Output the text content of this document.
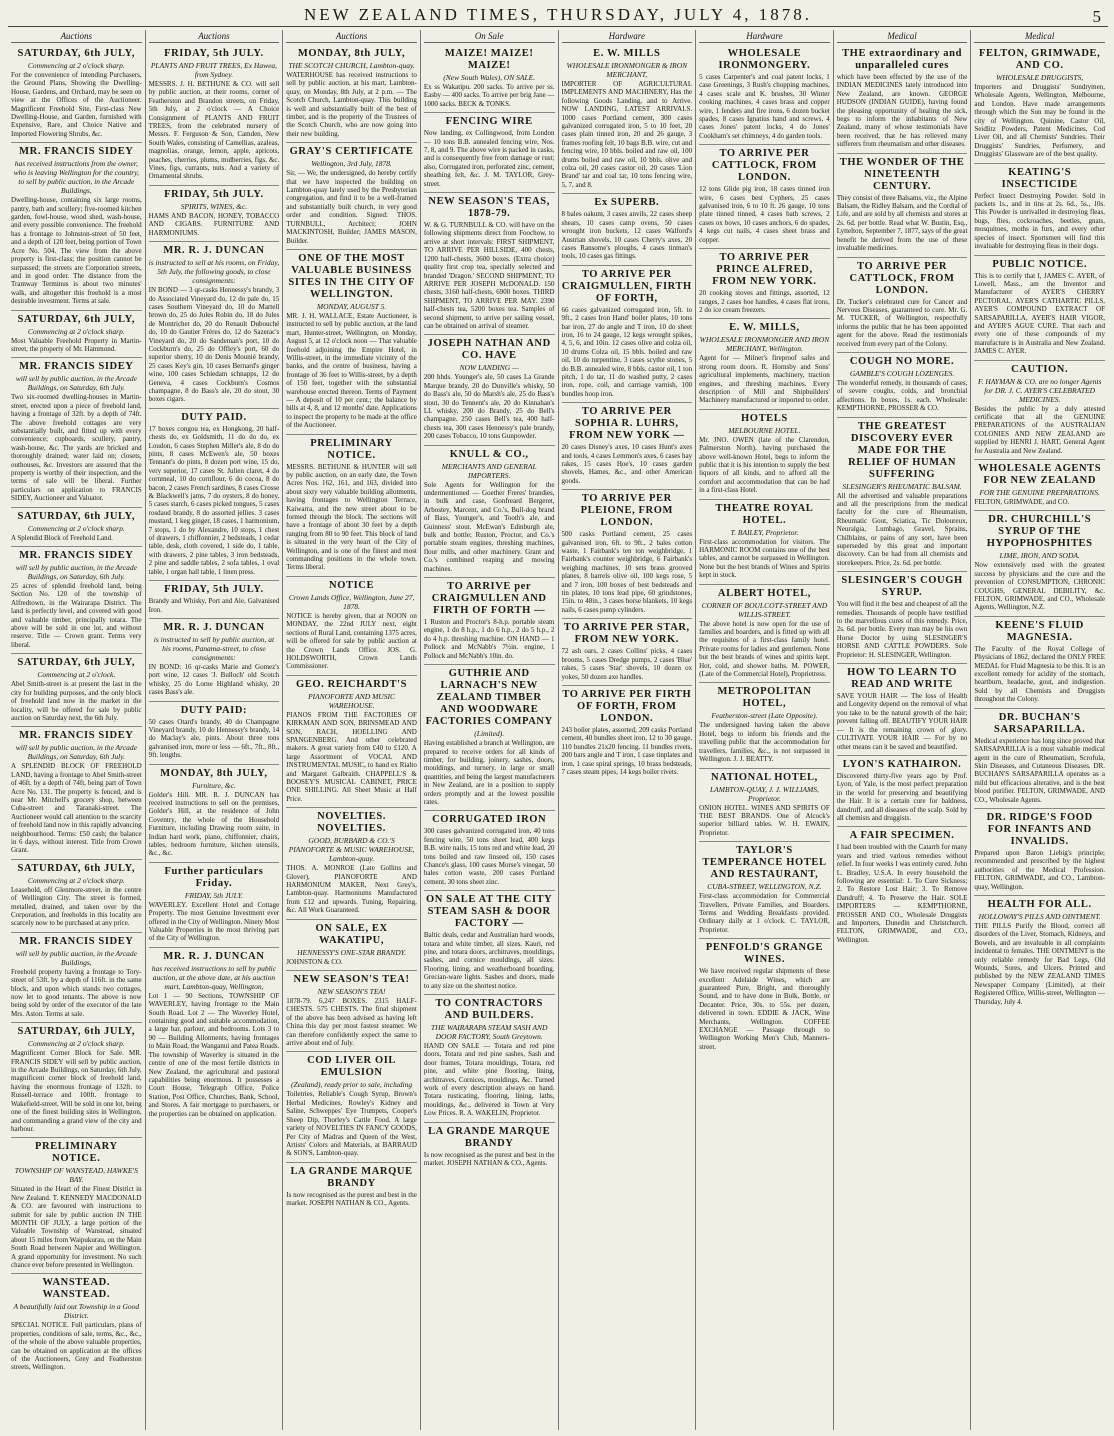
NEW ZEALAND TIMES, THURSDAY, JULY 4, 1878.	5
Auctions
SATURDAY, 6th JULY,
Commencing at 2 o'clock sharp.
For the convenience of intending Purchasers, the Ground Plans, Showing the Dwelling-House, Gardens, and Orchard, may be seen on view at the Offices of the Auctioneer. Magnificent Freehold Site, First-class New Dwelling-House, and Garden, furnished with Expensive, Rare, and Choice Native and Imported Flowering Shrubs, &c.
MR. FRANCIS SIDEY
has received instructions from the owner, who is leaving Wellington for the country, to sell by public auction, in the Arcade Buildings,
Dwelling-house, containing six large rooms, pantry, bath and scullery; five-roomed kitchen garden, fowl-house, wood shed, wash-house, and every possible convenience. The freehold has a frontage to Johnston-street of 50 feet, and a depth of 120 feet, being portion of Town Acre No. 504. The view from the above property is first-class; the position cannot be surpassed; the streets are Corporation streets, and in good order. The distance from the Tramway Terminus is about two minutes' walk, and altogether this freehold is a most desirable investment. Terms at sale.
SATURDAY, 6th JULY,
Commencing at 2 o'clock sharp.
Most Valuable Freehold Property in Martin-street, the property of Mr. Hammond.
MR. FRANCIS SIDEY
will sell by public auction, in the Arcade Buildings, on Saturday, 6th July.
Two six-roomed dwelling-houses in Martin-street, erected upon a piece of freehold land, having a frontage of 32ft. by a depth of 74ft. The above freehold cottages are very substantially built, and fitted up with every convenience; cupboards, scullery, pantry, wash-house, &c. The yards are bricked and thoroughly drained; water laid on; closets, outhouses, &c. Investors are assured that the property is worthy of their inspection, and the terms of sale will be liberal. Further particulars on application to FRANCIS SIDEY, Auctioneer and Valuator.
SATURDAY, 6th JULY,
Commencing at 2 o'clock sharp.
A Splendid Block of Freehold Land.
MR. FRANCIS SIDEY
will sell by public auction, in the Arcade Buildings, on Saturday, 6th July.
25 acres of splendid freehold land, being Section No. 120 of the township of Alfredtown, in the Wairarapa District. The land is perfectly level, and covered with good and valuable timber, principally totara. The above will be sold in one lot, and without reserve. Title — Crown grant. Terms very liberal.
SATURDAY, 6th JULY,
Commencing at 2 o'clock.
Abel Smith-street is at present the last in the city for building purposes, and the only block of freehold land now in the market in the locality, will be offered for sale by public auction on Saturday next, the 6th July.
MR. FRANCIS SIDEY
will sell by public auction, in the Arcade Buildings, on Saturday, 6th July.
A SPLENDID BLOCK OF FREEHOLD LAND, having a frontage to Abel Smith-street of 46ft. by a depth of 74ft, being part of Town Acre No. 131. The property is fenced, and is near Mr. Mitchell's grocery shop, between Cuba-street and Taranaki-street. The Auctioneer would call attention to the scarcity of freehold land now in this rapidly advancing neighbourhood. Terms: £50 cash; the balance in 6 days, without interest. Title from Crown Grant.
SATURDAY, 6th JULY,
Commencing at 2 o'clock sharp.
Leasehold, off Glenmore-street, in the centre of Wellington City. The street is formed, metalled, drained, and taken over by the Corporation, and freeholds in this locality are scarcely now to be purchased at any price.
MR. FRANCIS SIDEY
will sell by public auction, in the Arcade Buildings,
Freehold property having a frontage to Tory-street of 53ft. by a depth of 116ft. in the same block, and upon which stands two cottages, now let to good tenants. The above is now being sold by order of the executor of the late Mrs. Aston. Terms at sale.
SATURDAY, 6th JULY,
Commencing at 2 o'clock sharp.
Magnificent Corner Block for Sale. MR. FRANCIS SIDEY will sell by public auction, in the Arcade Buildings, on Saturday, 6th July, magnificent corner block of freehold land, having the enormous frontage of 132ft. to Russell-terrace and 100ft. frontage to Wakefield-street. Will be sold in one lot, being one of the finest building sites in Wellington, and commanding a grand view of the city and harbour.
PRELIMINARY NOTICE.
TOWNSHIP OF WANSTEAD, HAWKE'S BAY.
Situated in the Heart of the Finest District in New Zealand. T. KENNEDY MACDONALD & CO. are favoured with instructions to submit for sale by public auction IN THE MONTH OF JULY, a large portion of the Valuable Township of Wanstead, situated about 15 miles from Waipukurau, on the Main South Road between Napier and Wellington. A grand opportunity for investment. No such chance ever before presented in Wellington.
WANSTEAD. WANSTEAD.
A beautifully laid out Township in a Good District.
SPECIAL NOTICE. Full particulars, plans of properties, conditions of sale, terms, &c., &c., of the whole of the above valuable properties, can be obtained on application at the offices of the Auctioneers, Grey and Featherston streets, Wellington.
Auctions
FRIDAY, 5th JULY.
PLANTS AND FRUIT TREES, Ex Hawea, from Sydney.
MESSRS. J. H. BETHUNE & CO. will sell by public auction, at their rooms, corner of Featherston and Brandon streets, on Friday, 5th July, at 2 o'clock — A Choice Consignment of PLANTS AND FRUIT TREES, from the celebrated nursery of Messrs. F. Ferguson & Son, Camden, New South Wales, consisting of Camellias, azaleas, magnolias, orange, lemon, apple, apricots, peaches, cherries, plums, mulberries, figs, &c. Vines, figs, currants, nuts. And a variety of Ornamental shrubs.
FRIDAY, 5th JULY.
SPIRITS, WINES, &c.
HAMS AND BACON, HONEY, TOBACCO AND CIGARS. FURNITURE AND HARMONIUMS.
MR. R. J. DUNCAN
is instructed to sell at his rooms, on Friday, 5th July, the following goods, to close consignments:
IN BOND — 3 qr-casks Hennessy's brandy, 3 do Associated Vineyard do, 12 do pale do, 15 cases Southern Vineyard do, 10 do Martell brown do, 25 do Jules Robin do, 18 do Jules de Montrichet do, 20 do Renault Dubouché do, 10 do Gautier Frères do, 12 do Sazerac's Vineyard do, 20 do Sandeman's port, 10 do Cockburn's do, 25 do Offley's port, 60 do superior sherry, 10 do Denis Mounié brandy, 25 cases Key's gin, 10 cases Bernard's ginger wine, 100 cases Schiedam schnapps, 12 do Geneva, 4 cases Cockburn's Cosmos champagne, 8 do Bass's ale, 20 do stout, 30 boxes cigars.
DUTY PAID.
17 boxes congou tea, ex Hongkong, 20 half-chests do, ex Goldsmith, 11 do do do, ex Loudon, 6 cases Stephen Miller's ale, 8 do do pints, 8 cases McEwen's ale, 50 boxes Tennant's do pints, 8 dozen port wine, 15 do, very superior, 17 cases St. Julien claret, 4 do cornmeal, 10 do cornflour, 6 do cocoa, 8 do bacon, 2 cases French sardines, 8 cases Crosse & Blackwell's jams, 7 do oysters, 8 do honey, 5 cases starch, 6 cases picked tongues, 5 cases rosdaud brandy, 8 do assorted jellies. 3 cases mustard, 1 keg ginger, 18 cases, 1 harmonium, 7 stops, 1 do by Alexandre, 10 stops, 1 chest of drawers, 1 chiffonnier, 2 bedsteads, 1 cedar table, desk, cloth covered, 1 side do, 1 table, with drawers, 2 pine tables, 3 iron bedsteads, 2 pine and saddle tables, 2 sofa tables, 1 oval table, 1 organ hall table, 1 linen press.
FRIDAY, 5th JULY.
Brandy and Whisky, Port and Ale, Galvanised Iron.
MR. R. J. DUNCAN
is instructed to sell by public auction, at his rooms, Panama-street, to close consignments:
IN BOND: 16 qr-casks Marie and Gomez's port wine, 12 cases 'J. Bulloch' old Scotch whisky, 25 do Lorne Highland whisky, 20 cases Bass's ale.
DUTY PAID:
50 cases Otard's brandy, 40 do Champagne Vineyard brandy, 10 do Hennessy's brandy, 14 do Maclay's ale, pints. About three tons galvanised iron, more or less — 6ft., 7ft., 8ft., 9ft. lengths.
MONDAY, 8th JULY,
Furniture, &c.
Golder's Hill. MR. R. J. DUNCAN has received instructions to sell on the premises, Golder's Hill, at the residence of John Coventry, the whole of the Household Furniture, including Drawing room suite, in Indian hard work, piano, chiffonnier, chairs, tables, bedroom furniture, kitchen utensils, &c., &c.
Further particulars Friday.
FRIDAY, 5th JULY.
WAVERLEY. Excellent Hotel and Cottage Property. The most Genuine Investment ever offered in the City of Wellington. Ninety Most Valuable Properties in the most thriving part of the City of Wellington.
MR. R. J. DUNCAN
has received instructions to sell by public auction, at the above date, at his auction mart, Lambton-quay, Wellington,
Lot 1 — 90 Sections, TOWNSHIP OF WAVERLEY, having frontage to the Main South Road. Lot 2 — The Waverley Hotel, containing good and suitable accommodation, a large bar, parlour, and bedrooms. Lots 3 to 90 — Building Allotments, having frontages to Main Road, the Wanganui and Patea Roads. The township of Waverley is situated in the centre of one of the most fertile districts in New Zealand, the agricultural and pastoral capabilities being enormous. It possesses a Court House, Telegraph Office, Police Station, Post Office, Churches, Bank, School, and Stores. A fair mortgage to purchasers, or the properties can be obtained on application.
Auctions
MONDAY, 8th JULY,
THE SCOTCH CHURCH, Lambton-quay.
WATERHOUSE has received instructions to sell by public auction, at his mart, Lambton-quay, on Monday, 8th July, at 2 p.m. — The Scotch Church, Lambton-quay. This building is well and substantially built of the best of timber, and is the property of the Trustees of the Scotch Church, who are now going into their new building.
GRAY'S CERTIFICATE
Wellington, 3rd July, 1878.
Sir, — We, the undersigned, do hereby certify that we have inspected the building on Lambton-quay lately used by the Presbyterian congregation, and find it to be a well-framed and substantially built church, in very good order and condition. Signed: THOS. TURNBULL, Architect; JOHN MACKINTOSH, Builder; JAMES MASON, Builder.
ONE OF THE MOST VALUABLE BUSINESS SITES IN THE CITY OF WELLINGTON.
MONDAY, AUGUST 5.
MR. J. H. WALLACE, Estate Auctioneer, is instructed to sell by public auction, at the land mart, Hunter-street, Wellington, on Monday, August 5, at 12 o'clock noon — That valuable freehold adjoining the Empire Hotel, in Willis-street, in the immediate vicinity of the banks, and the centre of business, having a frontage of 36 feet to Willis-street, by a depth of 150 feet, together with the substantial warehouse erected thereon. Terms of Payment — A deposit of 10 per cent.; the balance by bills at 4, 8, and 12 months' date. Applications to inspect the property to be made at the office of the Auctioneer.
PRELIMINARY NOTICE.
MESSRS. BETHUNE & HUNTER will sell by public auction, on an early date, the Town Acres Nos. 162, 161, and 163, divided into about sixty very valuable building allotments, having frontages to Wellington Terrace, Kaiwarra, and the new street about to be formed through the block. The sections will have a frontage of about 30 feet by a depth ranging from 80 to 90 feet. This block of land is situated in the very heart of the City of Wellington, and is one of the finest and most commanding positions in the whole town. Terms liberal.
NOTICE
Crown Lands Office, Wellington, June 27, 1878.
NOTICE is hereby given, that at NOON on MONDAY, the 22nd JULY next, eight sections of Rural Land, containing 1375 acres, will be offered for sale by public auction at the Crown Lands Office. JOS. G. HOLDSWORTH, Crown Lands Commissioner.
GEO. REICHARDT'S
PIANOFORTE AND MUSIC WAREHOUSE.
PIANOS FROM THE FACTORIES OF KIRKMAN AND SON, BRINSMEAD AND SON, RACH, HOELLING AND SPANGENBERG. And other celebrated makers. A great variety from £40 to £120. A large Assortment of VOCAL AND INSTRUMENTAL MUSIC, to hand ex Rialto and Margaret Galbraith. CHAPPELL'S & BOOSEY'S MUSICAL CABINET, PRICE ONE SHILLING. All Sheet Music at Half Price.
NOVELTIES. NOVELTIES.
GOOD, BURBARD & CO.'S PIANOFORTE & MUSIC WAREHOUSE, Lambton-quay.
THOS. A. MONROE (Late Gollins and Glover), PIANOFORTE AND HARMONIUM MAKER, Next Grey's, Lambton-quay. Harmoniums Manufactured from £12 and upwards. Tuning, Repairing, &c. All Work Guaranteed.
ON SALE, EX WAKATIPU,
HENNESSY'S ONE-STAR BRANDY.
JOHNSTON & CO.
NEW SEASON'S TEA!
NEW SEASON'S TEA!
1878-79. 6,247 BOXES. 2315 HALF-CHESTS. 575 CHESTS. The final shipment of the above has been advised as having left China this day per most fastest steamer. We can therefore confidently expect the same to arrive about end of July.
COD LIVER OIL EMULSION
(Zealand), ready prior to sale, including
Toiletries, Reliable's Cough Syrup, Brown's Herbal Medicines, Rowley's Kidney and Saline, Schweppes' Eye Trumpets, Cooper's Sheep Dip, Thorley's Cattle Food. A large variety of NOVELTIES IN FANCY GOODS, Per City of Madras and Queen of the West, Artists' Colors and Materials, at BARRAUD & SON'S, Lambton-quay.
LA GRANDE MARQUE BRANDY
Is now recognised as the purest and best in the market. JOSEPH NATHAN & CO., Agents.
On Sale
MAIZE! MAIZE! MAIZE!
(New South Wales), ON SALE.
Ex ss Wakatipu. 200 sacks. To arrive per ss. Easby — 400 sacks. To arrive per brig Jane — 1000 sacks. BECK & TONKS.
FENCING WIRE
Now landing, ex Collingwood, from London — 10 tons B.B. annealed fencing wire, Nos. 7, 8, and 9. The above wire is packed in casks, and is consequently free from damage or rust; also, Corrugated iron, perforated zinc, cement, sheathing felt, &c. J. M. TAYLOR, Grey-street.
NEW SEASON'S TEAS, 1878-79.
W. & G. TURNBULL & CO. will have on the following shipments direct from Foochow, to arrive at short intervals: FIRST SHIPMENT, TO ARRIVE PER HILLSIDE, 400 chests, 1200 half-chests, 3600 boxes. (Extra choice) quality first crop tea, specially selected and branded 'Dragon.' SECOND SHIPMENT, TO ARRIVE PER JOSEPH McDONALD. 150 chests, 3160 half-chests, 6900 boxes. THIRD SHIPMENT, TO ARRIVE PER MAY. 2390 half-chests tea, 5200 boxes tea. Samples of second shipment, to arrive per sailing vessel, can be obtained on arrival of steamer.
JOSEPH NATHAN AND CO. HAVE
NOW LANDING —
200 hhds. Younger's ale, 50 cases La Grande Marque brandy, 20 do Dunville's whisky, 50 do Bass's ale, 50 do Marsh's ale, 25 do Bass's stout, 30 do Tennent's ale, 20 do Kinnahan's LL whisky, 200 do Brandy, 25 do Bell's champagne. 250 cases Bell's tea, 400 half-chests tea, 300 cases Hennessy's pale brandy, 200 cases Tobacco, 10 tons Gunpowder.
KNULL & CO.,
MERCHANTS AND GENERAL IMPORTERS.
Sole Agents for Wellington for the undermentioned — Goether Freres' brandies, in bulk and case, Gonfreard Bergeret, Arbostey, Marcent, and Co.'s, Bull-dog brand of Bass, Younger's, and Tooth's ale, and Guinness' stout. McEwan's Edinburgh ale, bulk and bottle; Ruston, Proctor, and Co.'s portable steam engines, threshing machines, flour mills, and other machinery. Grant and Co.'s combined reaping and mowing machines.
TO ARRIVE per CRAIGMULLEN AND FIRTH OF FORTH —
1 Ruston and Proctor's 8-h.p. portable steam engine, 1 do 8 h.p., 1 do 6 h.p., 2 do 5 h.p., 2 do 4 h.p. threshing machine. ON HAND — 1 Pollock and McNabb's 7½in. engine, 1 Pollock and McNabb's 10in. do.
GUTHRIE AND LARNACH'S NEW ZEALAND TIMBER AND WOODWARE FACTORIES COMPANY
(Limited).
Having established a branch at Wellington, are prepared to receive orders for all kinds of timber, for building, joinery, sashes, doors, mouldings, and turnery, in large or small quantities, and being the largest manufacturers in New Zealand, are in a position to supply orders promptly and at the lowest possible rates.
CORRUGATED IRON
300 cases galvanized corrugated iron, 40 tons fencing wire, 50 tons sheet lead, 400 kegs B.B. wire nails, 15 tons red and white lead, 20 tons boiled and raw linseed oil, 150 cases Chance's glass, 100 cases Morse's vinegar, 50 bales cotton waste, 200 cases Portland cement, 30 tons sheet zinc.
ON SALE AT THE CITY STEAM SASH & DOOR FACTORY —
Baltic deals, cedar and Australian hard woods, totara and white timber, all sizes. Kauri, red pine, and totara doors, architraves, mouldings, sashes, and cornice mouldings, all sizes. Flooring, lining, and weatherboard boarding. Grecian-ware lights. Sashes and doors, made to any size on the shortest notice.
TO CONTRACTORS AND BUILDERS.
THE WAIRARAPA STEAM SASH AND DOOR FACTORY, South Greytown.
HAND ON SALE — Totara and red pine doors, Totara and red pine sashes, Sash and door frames, Totara mouldings, Totara, red pine, and white pine flooring, lining, architraves, Cornices, mouldings, &c. Turned work of every description always on hand. Totara rusticating, flooring, lining, laths, mouldings, &c., delivered in Town at Very Low Prices. R. A. WAKELIN, Proprietor.
LA GRANDE MARQUE BRANDY
Is now recognised as the purest and best in the market. JOSEPH NATHAN & CO., Agents.
Hardware
E. W. MILLS
WHOLESALE IRONMONGER & IRON MERCHANT,
IMPORTER OF AGRICULTURAL IMPLEMENTS AND MACHINERY, Has the following Goods Landing, and to Arrive. NOW LANDING, LATEST ARRIVALS. 1000 cases Portland cement, 300 cases galvanized corrugated iron, 5 to 10 feet, 20 cases plain tinned iron, 20 and 26 gauge, 3 frames roofing felt, 10 bags B.B. wire, cut and fencing wire, 10 bbls. boiled and raw oil, 100 drums boiled and raw oil, 10 bbls. olive and colza oil, 20 cases castor oil, 20 cases 'Lion Brand' tar and coal tar, 10 tons fencing wire, 5, 7, and 8.
Ex SUPERB.
8 bales oakum, 3 cases anvils, 22 cases sheep shears, 10 cases camp ovens, 50 cases wrought iron buckets, 12 cases Walford's Austrian shovels, 10 cases Cherry's axes, 20 cases Ransome's ploughs, 4 cases tinman's tools, 10 cases gas fittings.
TO ARRIVE PER CRAIGMULLEN, FIRTH OF FORTH,
66 cases galvanized corrugated iron, 5ft. to 9ft., 2 cases Iron Hand' boiler plates, 10 tons bar iron, 27 do angle and T iron, 10 do sheet iron, 16 to 24 gauge, 12 kegs wrought spikes, 4, 5, 6, and 10in. 12 cases olive and colza oil, 10 drums Colza oil, 15 bbls. boiled and raw oil, 10 do turpentine, 3 cases scythe stones, 5 do B.B. annealed wire, 8 bbls. castor oil, 1 ton pitch, 1 do tar, 11 do washed putty, 2 cases iron, rope, coil, and carriage varnish, 100 bundles hoop iron.
TO ARRIVE PER SOPHIA R. LUHRS, FROM NEW YORK —
20 cases Disney's axes, 10 cases Hunt's axes and tools, 4 cases Lemmon's axes, 6 cases hay rakes, 15 cases Hoe's, 10 cases garden shovels, Hames, &c., and other American goods.
TO ARRIVE PER PLEIONE, FROM LONDON.
500 casks Portland cement, 25 cases galvanised iron, 6ft. to 9ft., 2 bales cotton waste, 1 Fairbank's ten ton weighbridge, 1 Fairbank's counter weighbridge, 6 Fairbank's weighing machines, 10 sets brass grooved planes, 8 barrels olive oil, 100 kegs rose, 5 and 7 iron, 100 boxes of best bedsteads and tin plates, 10 tons lead pipe, 60 grindstones, 15in. to 48in., 3 cases horse blankets, 10 kegs nails, 6 cases pump cylinders.
TO ARRIVE PER STAR, FROM NEW YORK.
72 ash oars, 2 cases Collins' picks, 4 cases brooms, 5 cases Dredge pumps, 2 cases 'Blue' rakes, 5 cases 'Star' shovels, 10 dozen ox yokes, 50 dozen axe handles.
TO ARRIVE PER FIRTH OF FORTH, FROM LONDON.
243 boiler plates, assorted, 209 casks Portland cement, 40 bundles sheet iron, 12 to 30 gauge, 110 bundles 21x20 fencing, 11 bundles rivets, 200 bars angle and T iron, 1 case tinplates and iron, 1 case spiral springs, 10 brass bedsteads, 7 cases steam pipes, 14 kegs boiler rivets.
Hardware
WHOLESALE IRONMONGERY.
5 cases Carpenter's and coal patent locks, 1 case Greenings, 3 Rush's chopping machines, 4 cases scale and K. brushes, 30 Winter cooking machines, 4 cases brass and copper wire, 1 fenders and fire irons, 6 dozen bucket spades, 8 cases Ignatius hand and screws, 4 cases Jones' patent locks, 4 do Jones' Cookham's set chimneys, 4 do garden tools.
TO ARRIVE PER CATTLOCK, FROM LONDON.
12 tons Glide pig iron, 18 cases tinned iron wire, 6 cases best Cyphers, 25 cases galvanised iron, 6 to 10 ft. 26 gauge, 10 tons plate tinned tinned, 4 cases bath screws, 2 cases ox bows, 10 cases anchors, 6 do spades, 4 kegs cut nails, 4 cases sheet brass and copper.
TO ARRIVE PER PRINCE ALFRED, FROM NEW YORK.
20 cooking stoves and fittings, assorted, 12 ranges, 2 cases hoe handles, 4 cases flat irons, 2 do ice cream freezers.
E. W. MILLS,
WHOLESALE IRONMONGER AND IRON MERCHANT, Wellington.
Agent for — Milner's fireproof safes and strong room doors. R. Hornsby and Sons' agricultural implements, machinery, traction engines, and threshing machines. Every description of Mill and Shipbuilders' Machinery manufactured or imported to order.
HOTELS
MELBOURNE HOTEL.
Mr. JNO. OWEN (late of the Clarendon, Palmerston North), having purchased the above well-known Hotel, begs to inform the public that it is his intention to supply the best liquors of all kinds, and to afford all the comfort and accommodation that can be had in a first-class Hotel.
THEATRE ROYAL HOTEL.
T. BAILEY, Proprietor.
First-class accommodation for visitors. The HARMONIC ROOM contains one of the best tables, and cannot be surpassed in Wellington. None but the best brands of Wines and Spirits kept in stock.
ALBERT HOTEL,
CORNER OF BOULCOTT-STREET AND WILLIS-STREET.
The above hotel is now open for the use of families and boarders, and is fitted up with all the requisites of a first-class family hotel. Private rooms for ladies and gentlemen. None but the best brands of wines and spirits kept. Hot, cold, and shower baths. M. POWER, (Late of the Commercial Hotel), Proprietress.
METROPOLITAN HOTEL,
Featherston-street (Late Opposite).
The undersigned having taken the above Hotel, begs to inform his friends and the travelling public that the accommodation for travellers, families, &c., is not surpassed in Wellington. J. J. BEATTY.
NATIONAL HOTEL,
LAMBTON-QUAY, J. J. WILLIAMS, Proprietor.
ONION HOTEL. WINES AND SPIRITS OF THE BEST BRANDS. One of Alcock's superior billiard tables. W. H. EWAIN, Proprietor.
TAYLOR'S TEMPERANCE HOTEL AND RESTAURANT,
CUBA-STREET, WELLINGTON, N.Z.
First-class accommodation for Commercial Travellers, Private Families, and Boarders. Terms and Wedding Breakfasts provided. Ordinary daily at 1 o'clock. C. TAYLOR, Proprietor.
PENFOLD'S GRANGE WINES.
We have received regular shipments of these excellent Adelaide Wines, which are guaranteed Pure, Bright, and thoroughly Sound, and to have done in Bulk, Bottle, or Decanter. Price, 30s. to 55s. per dozen, delivered in town. EDDIE & JACK, Wine Merchants, Wellington. COFFEE EXCHANGE — Passage through to Wellington Working Men's Club, Manners-street.
Medical
THE extraordinary and unparalleled cures
which have been effected by the use of the INDIAN MEDICINES lately introduced into New Zealand, are known. GEORGE HUDSON (INDIAN GUIDE), having found the pleasing opportunity of healing the sick, begs to inform the inhabitants of New Zealand, many of whose testimonials have been received, that he has relieved many sufferers from rheumatism and other diseases.
THE WONDER OF THE NINETEENTH CENTURY.
They consist of three Balsams, viz., the Alpine Balsam, the Ridley Balsam, and the Cordial of Life, and are sold by all chemists and stores at 2s. 6d. per bottle. Read what W. Bustin, Esq., Lyttelton, September 7, 1877, says of the great benefit he derived from the use of these invaluable medicines.
TO ARRIVE PER CATTLOCK, FROM LONDON.
Dr. Tucker's celebrated cure for Cancer and Nervous Diseases, guaranteed to cure. Mr. G. M. TUCKER, of Wellington, respectfully informs the public that he has been appointed agent for the above. Read the testimonials received from every part of the Colony.
COUGH NO MORE.
GAMBLE'S COUGH LOZENGES.
The wonderful remedy, in thousands of cases, of severe coughs, colds, and bronchial affections. In boxes, 1s. each. Wholesale: KEMPTHORNE, PROSSER & CO.
THE GREATEST DISCOVERY EVER MADE FOR THE RELIEF OF HUMAN SUFFERING
SLESINGER'S RHEUMATIC BALSAM.
All the advertised and valuable preparations and all the prescriptions from the medical faculty for the cure of Rheumatism, Rheumatic Gout, Sciatica, Tic Doloureux, Neuralgia, Lumbago, Gravel, Sprains, Chilblains, or pains of any sort, have been superseded by this great and important discovery. Can be had from all chemists and storekeepers. Price, 2s. 6d. per bottle.
SLESINGER'S COUGH SYRUP.
You will find it the best and cheapest of all the remedies. Thousands of people have testified to the marvellous cures of this remedy. Price, 2s. 6d. per bottle. Every man may be his own Horse Doctor by using SLESINGER'S HORSE AND CATTLE POWDERS. Sole Proprietor: H. SLESINGER, Wellington.
HOW TO LEARN TO READ AND WRITE
SAVE YOUR HAIR — The loss of Health and Longevity depend on the removal of what you take to be the natural growth of the hair; prevent falling off. BEAUTIFY YOUR HAIR — It is the remaining crown of glory. CULTIVATE YOUR HAIR — For by no other means can it be saved and beautified.
LYON'S KATHAIRON.
Discovered thirty-five years ago by Prof. Lyon, of Yale, is the most perfect preparation in the world for preserving and beautifying the Hair. It is a certain cure for baldness, dandruff, and all diseases of the scalp. Sold by all chemists and druggists.
A FAIR SPECIMEN.
I had been troubled with the Catarrh for many years and tried various remedies without relief. In four weeks I was entirely cured. John L. Bradley, U.S.A. In every household the following are essential: 1. To Cure Sickness; 2. To Restore Lost Hair; 3. To Remove Dandruff; 4. To Preserve the Hair. SOLE IMPORTERS — KEMPTHORNE, PROSSER AND CO., Wholesale Druggists and Importers, Dunedin and Christchurch. FELTON, GRIMWADE, and CO., Wellington.
Medical
FELTON, GRIMWADE, AND CO.
WHOLESALE DRUGGISTS,
Importers and Druggists' Sundrymen, Wholesale Agents, Wellington, Melbourne, and London. Have made arrangements through which the Sun may be found in the city of Wellington. Quinine, Castor Oil, Seidlitz Powders, Patent Medicines, Cod Liver Oil, and all Chemists' Sundries. Their Druggists' Sundries, Perfumery, and Druggists' Glassware are of the best quality.
KEATING'S INSECTICIDE
Perfect Insect Destroying Powder. Sold in packets 1s., and in tins at 2s. 6d., 5s., 10s. This Powder is unrivalled in destroying fleas, bugs, flies, cockroaches, beetles, gnats, mosquitoes, moths in furs, and every other species of insect. Sportsmen will find this invaluable for destroying fleas in their dogs.
PUBLIC NOTICE.
This is to certify that I, JAMES C. AYER, of Lowell, Mass., am the Inventor and Manufacturer of AYER'S CHERRY PECTORAL, AYER'S CATHARTIC PILLS, AYER'S COMPOUND EXTRACT OF SARSAPARILLA, AYER'S HAIR VIGOR, and AYER'S AGUE CURE. That each and every one of these compounds of my manufacture is in Australia and New Zealand. JAMES C. AYER.
CAUTION.
F. HAYMAN & CO. are no longer Agents for DR. J. C. AYER'S CELEBRATED MEDICINES.
Besides the public by a duly attested certificate that all the GENUINE PREPARATIONS of the AUSTRALIAN COLONIES AND NEW ZEALAND are supplied by HENRI J. HART, General Agent for Australia and New Zealand.
WHOLESALE AGENTS FOR NEW ZEALAND
FOR THE GENUINE PREPARATIONS.
FELTON, GRIMWADE, and CO.
DR. CHURCHILL'S SYRUP OF THE HYPOPHOSPHITES
LIME, IRON, AND SODA.
Now extensively used with the greatest success by physicians and the cure and the prevention of CONSUMPTION, CHRONIC COUGHS, GENERAL DEBILITY, &c. FELTON, GRIMWADE, and CO., Wholesale Agents, Wellington, N.Z.
KEENE'S FLUID MAGNESIA.
The Faculty of the Royal College of Physicians of 1862, declared the ONLY FREE MEDAL for Fluid Magnesia to be this. It is an excellent remedy for acidity of the stomach, heartburn, headache, gout, and indigestion. Sold by all Chemists and Druggists throughout the Colony.
DR. BUCHAN'S SARSAPARILLA.
Medical experience has long since proved that SARSAPARILLA is a most valuable medical agent in the cure of Rheumatism, Scrofula, Skin Diseases, and Cutaneous Diseases. DR. BUCHAN'S SARSAPARILLA operates as a mild but efficacious alterative, and is the best blood purifier. FELTON, GRIMWADE, AND CO., Wholesale Agents.
DR. RIDGE'S FOOD FOR INFANTS AND INVALIDS.
Prepared upon Baron Liebig's principle; recommended and prescribed by the highest authorities of the Medical Profession. FELTON, GRIMWADE, and CO., Lambton-quay, Wellington.
HEALTH FOR ALL.
HOLLOWAY'S PILLS AND OINTMENT.
THE PILLS Purify the Blood, correct all disorders of the Liver, Stomach, Kidneys, and Bowels, and are invaluable in all complaints incidental to females. THE OINTMENT is the only reliable remedy for Bad Legs, Old Wounds, Sores, and Ulcers. Printed and published by the NEW ZEALAND TIMES Newspaper Company (Limited), at their Registered Office, Willis-street, Wellington — Thursday, July 4.
